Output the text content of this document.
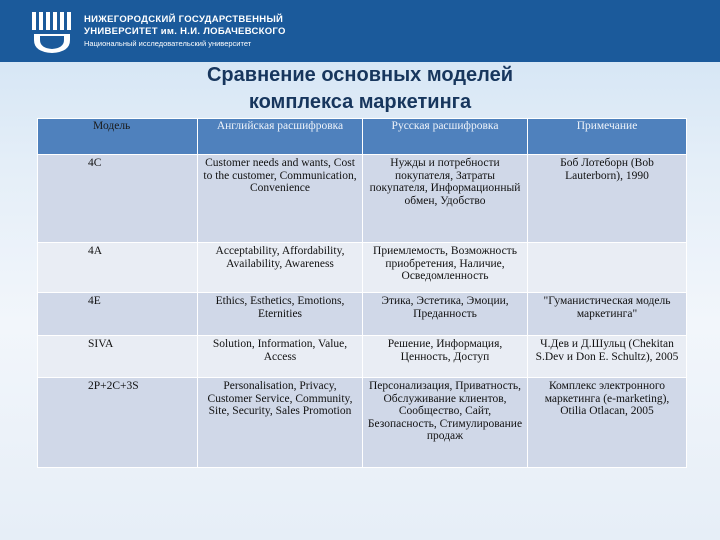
НИЖЕГОРОДСКИЙ ГОСУДАРСТВЕННЫЙ
УНИВЕРСИТЕТ им. Н.И. ЛОБАЧЕВСКОГО
Национальный исследовательский университет
Сравнение основных моделей
комплекса маркетинга
Модель	Английская расшифровка	Русская расшифровка	Примечание
4C	Customer needs and wants, Cost to the customer, Communication, Convenience	Нужды и потребности покупателя, Затраты покупателя, Информационный обмен, Удобство	Боб Лотеборн (Bob Lauterborn), 1990
4A	Acceptability, Affordability, Availability, Awareness	Приемлемость, Возможность приобретения, Наличие, Осведомленность	
4E	Ethics, Esthetics, Emotions, Eternities	Этика, Эстетика, Эмоции, Преданность	"Гуманистическая модель маркетинга"
SIVA	Solution, Information, Value, Access	Решение, Информация, Ценность, Доступ	Ч.Дев и Д.Шульц (Chekitan S.Dev и Don E. Schultz), 2005
2P+2C+3S	Personalisation, Privacy, Customer Service, Community, Site, Security, Sales Promotion	Персонализация, Приватность, Обслуживание клиентов, Сообщество, Сайт, Безопасность, Стимулирование продаж	Комплекс электронного маркетинга (e-marketing), Otilia Otlacan, 2005
